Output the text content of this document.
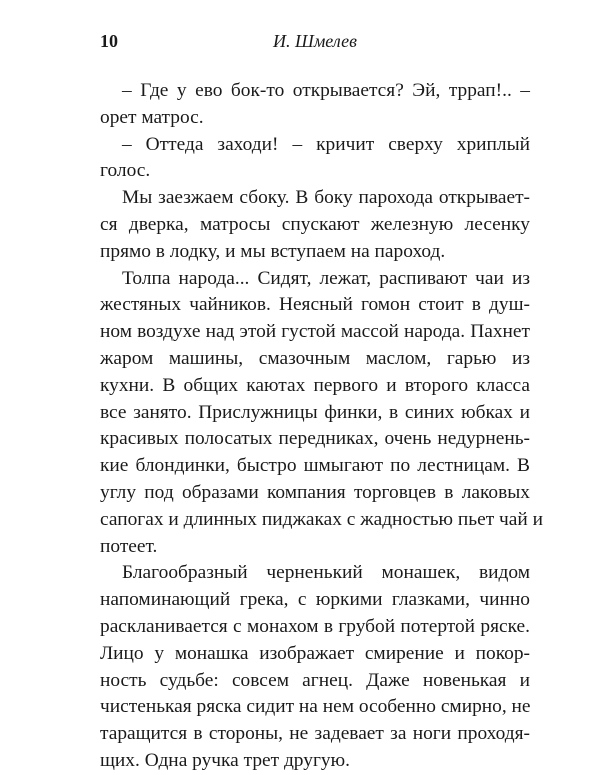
10	И. Шмелев
– Где у ево бок-то открывается? Эй, тррап!.. –
орет матрос.
– Оттеда заходи! – кричит сверху хриплый
голос.
Мы заезжаем сбоку. В боку парохода открывает-
ся дверка, матросы спускают железную лесенку
прямо в лодку, и мы вступаем на пароход.
Толпа народа... Сидят, лежат, распивают чаи из
жестяных чайников. Неясный гомон стоит в душ-
ном воздухе над этой густой массой народа. Пахнет
жаром машины, смазочным маслом, гарью из
кухни. В общих каютах первого и второго класса
все занято. Прислужницы финки, в синих юбках и
красивых полосатых передниках, очень недурнень-
кие блондинки, быстро шмыгают по лестницам. В
углу под образами компания торговцев в лаковых
сапогах и длинных пиджаках с жадностью пьет чай и
потеет.
Благообразный черненький монашек, видом
напоминающий грека, с юркими глазками, чинно
раскланивается с монахом в грубой потертой ряске.
Лицо у монашка изображает смирение и покор-
ность судьбе: совсем агнец. Даже новенькая и
чистенькая ряска сидит на нем особенно смирно, не
таращится в стороны, не задевает за ноги проходя-
щих. Одна ручка трет другую.
